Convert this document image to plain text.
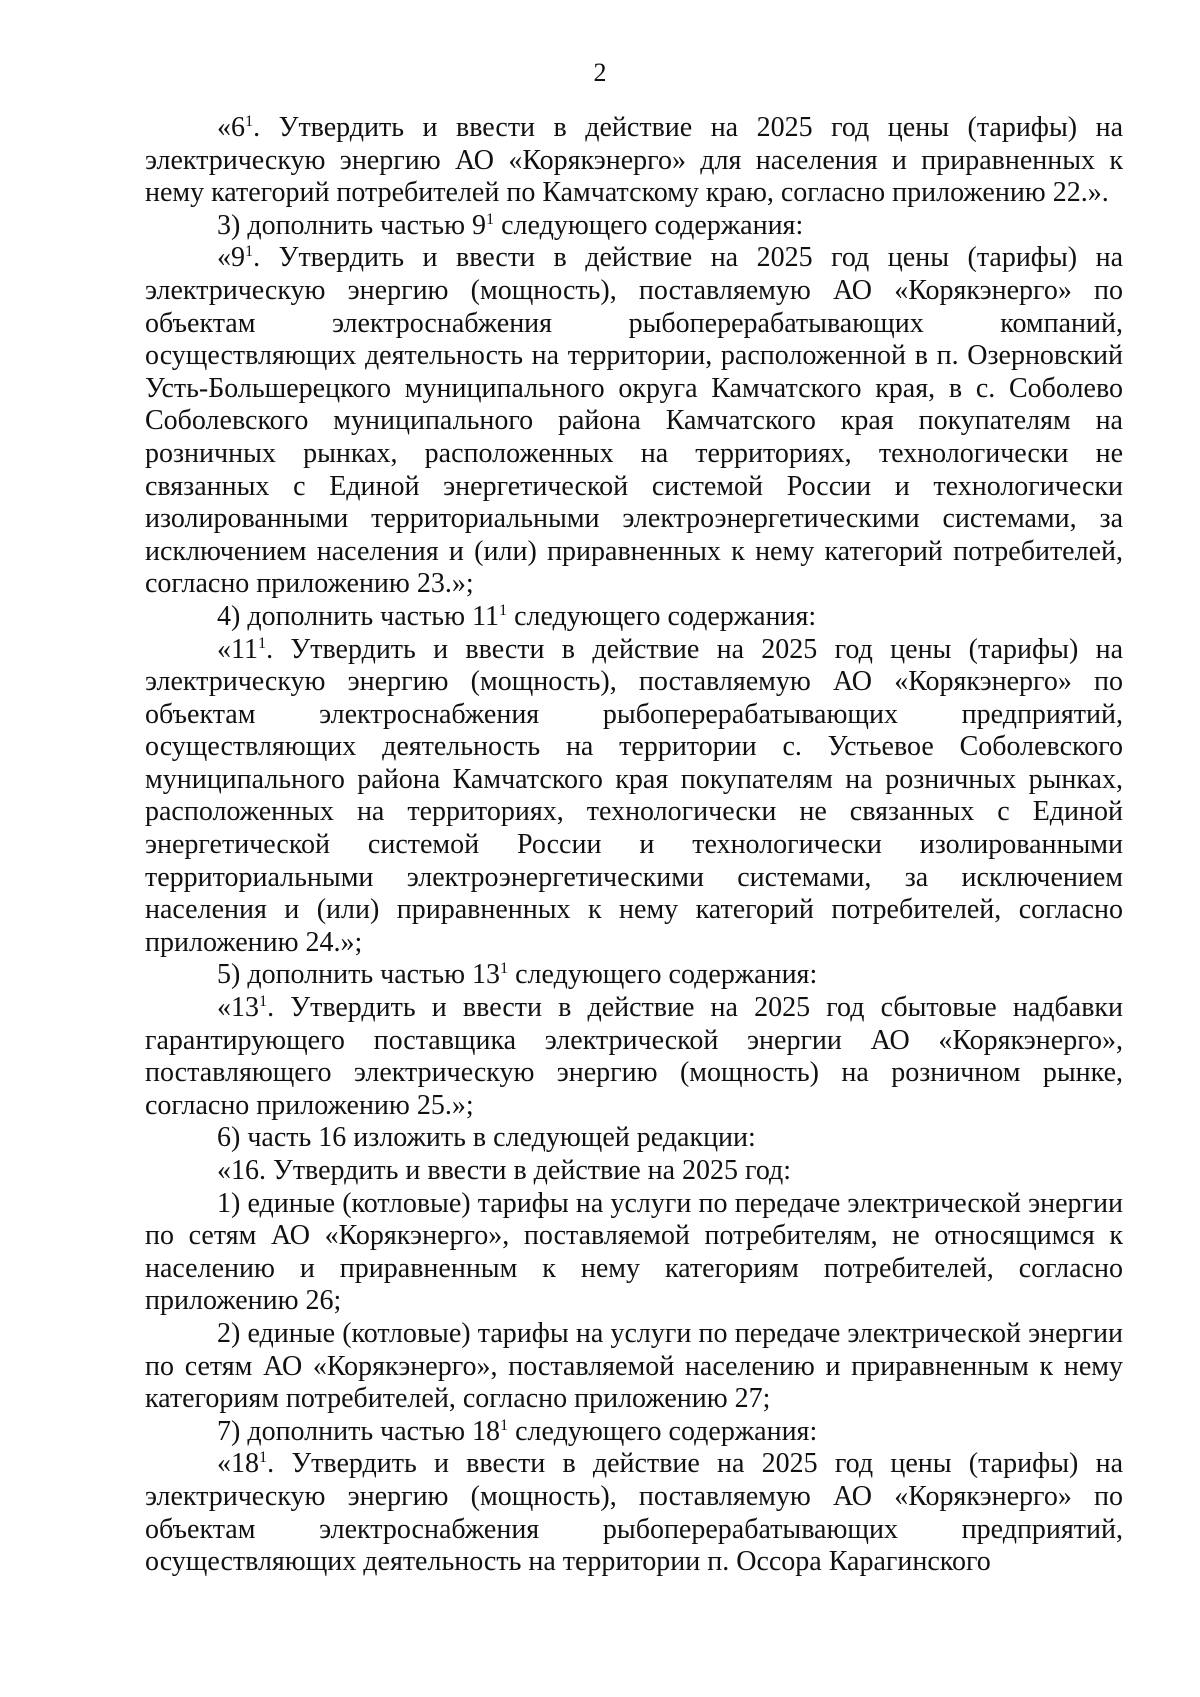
2

«$6^1$. Утвердить и ввести в действие на 2025 год цены (тарифы) на электрическую энергию АО «Корякэнерго» для населения и приравненных к нему категорий потребителей по Камчатскому краю, согласно приложению 22.».

3) дополнить частью $9^1$ следующего содержания:

«$9^1$. Утвердить и ввести в действие на 2025 год цены (тарифы) на электрическую энергию (мощность), поставляемую АО «Корякэнерго» по объектам электроснабжения рыбоперерабатывающих компаний, осуществляющих деятельность на территории, расположенной в п. Озерновский Усть-Большерецкого муниципального округа Камчатского края, в с. Соболево Соболевского муниципального района Камчатского края покупателям на розничных рынках, расположенных на территориях, технологически не связанных с Единой энергетической системой России и технологически изолированными территориальными электроэнергетическими системами, за исключением населения и (или) приравненных к нему категорий потребителей, согласно приложению 23.»;

4) дополнить частью $11^1$ следующего содержания:

«$11^1$. Утвердить и ввести в действие на 2025 год цены (тарифы) на электрическую энергию (мощность), поставляемую АО «Корякэнерго» по объектам электроснабжения рыбоперерабатывающих предприятий, осуществляющих деятельность на территории с. Устьевое Соболевского муниципального района Камчатского края покупателям на розничных рынках, расположенных на территориях, технологически не связанных с Единой энергетической системой России и технологически изолированными территориальными электроэнергетическими системами, за исключением населения и (или) приравненных к нему категорий потребителей, согласно приложению 24.»;

5) дополнить частью $13^1$ следующего содержания:

«$13^1$. Утвердить и ввести в действие на 2025 год сбытовые надбавки гарантирующего поставщика электрической энергии АО «Корякэнерго», поставляющего электрическую энергию (мощность) на розничном рынке, согласно приложению 25.»;

6) часть 16 изложить в следующей редакции:

«16. Утвердить и ввести в действие на 2025 год:

1) единые (котловые) тарифы на услуги по передаче электрической энергии по сетям АО «Корякэнерго», поставляемой потребителям, не относящимся к населению и приравненным к нему категориям потребителей, согласно приложению 26;

2) единые (котловые) тарифы на услуги по передаче электрической энергии по сетям АО «Корякэнерго», поставляемой населению и приравненным к нему категориям потребителей, согласно приложению 27;

7) дополнить частью $18^1$ следующего содержания:

«$18^1$. Утвердить и ввести в действие на 2025 год цены (тарифы) на электрическую энергию (мощность), поставляемую АО «Корякэнерго» по объектам электроснабжения рыбоперерабатывающих предприятий, осуществляющих деятельность на территории п. Оссора Карагинского
